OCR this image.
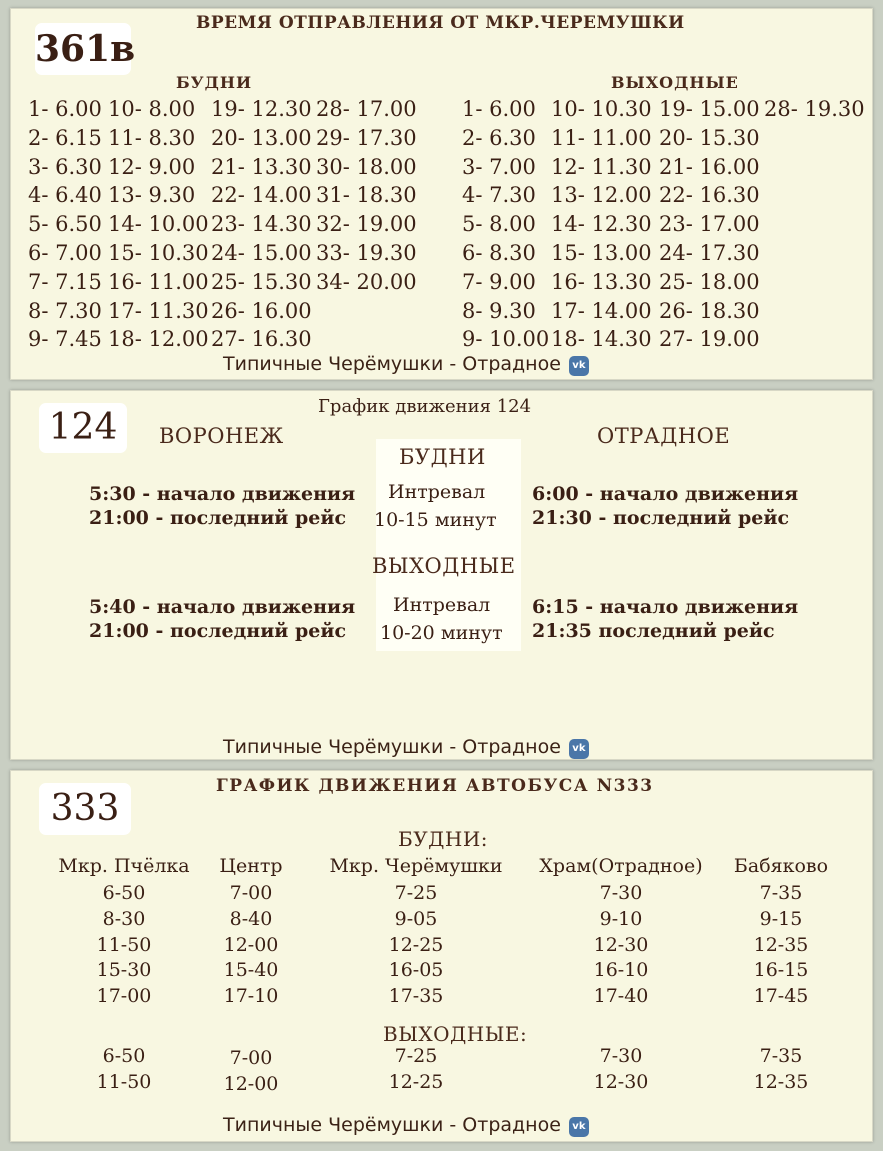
361в
ВРЕМЯ ОТПРАВЛЕНИЯ ОТ МКР.ЧЕРЕМУШКИ
БУДНИ	ВЫХОДНЫЕ
1- 6.00
2- 6.15
3- 6.30
4- 6.40
5- 6.50
6- 7.00
7- 7.15
8- 7.30
9- 7.45
10- 8.00
11- 8.30
12- 9.00
13- 9.30
14- 10.00
15- 10.30
16- 11.00
17- 11.30
18- 12.00
19- 12.30
20- 13.00
21- 13.30
22- 14.00
23- 14.30
24- 15.00
25- 15.30
26- 16.00
27- 16.30
28- 17.00
29- 17.30
30- 18.00
31- 18.30
32- 19.00
33- 19.30
34- 20.00
1- 6.00
2- 6.30
3- 7.00
4- 7.30
5- 8.00
6- 8.30
7- 9.00
8- 9.30
9- 10.00
10- 10.30
11- 11.00
12- 11.30
13- 12.00
14- 12.30
15- 13.00
16- 13.30
17- 14.00
18- 14.30
19- 15.00
20- 15.30
21- 16.00
22- 16.30
23- 17.00
24- 17.30
25- 18.00
26- 18.30
27- 19.00
28- 19.30
Типичные Черёмушки - Отрадное vk
124
График движения 124
ВОРОНЕЖ	ОТРАДНОЕ
БУДНИ
5:30 - начало движения
21:00 - последний рейс
Интревал
10-15 минут
6:00 - начало движения
21:30 - последний рейс
ВЫХОДНЫЕ
5:40 - начало движения
21:00 - последний рейс
Интревал
10-20 минут
6:15 - начало движения
21:35 последний рейс
Типичные Черёмушки - Отрадное vk
333
ГРАФИК ДВИЖЕНИЯ АВТОБУСА N333
БУДНИ:
Мкр. Пчёлка
6-50
8-30
11-50
15-30
17-00
Центр
7-00
8-40
12-00
15-40
17-10
Мкр. Черёмушки
7-25
9-05
12-25
16-05
17-35
Храм(Отрадное)
7-30
9-10
12-30
16-10
17-40
Бабяково
7-35
9-15
12-35
16-15
17-45
ВЫХОДНЫЕ:
6-50
11-50
7-00
12-00
7-25
12-25
7-30
12-30
7-35
12-35
Типичные Черёмушки - Отрадное vk
